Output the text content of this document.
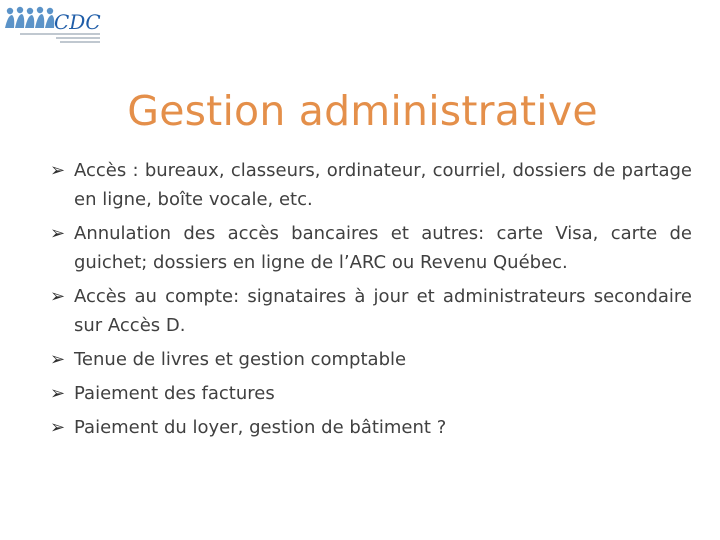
CDC
Gestion administrative
➢ Accès : bureaux, classeurs, ordinateur, courriel, dossiers de partage en ligne, boîte vocale, etc.
➢ Annulation des accès bancaires et autres: carte Visa, carte de guichet; dossiers en ligne de l’ARC ou Revenu Québec.
➢ Accès au compte: signataires à jour et administrateurs secondaire sur Accès D.
➢ Tenue de livres et gestion comptable
➢ Paiement des factures
➢ Paiement du loyer, gestion de bâtiment ?
